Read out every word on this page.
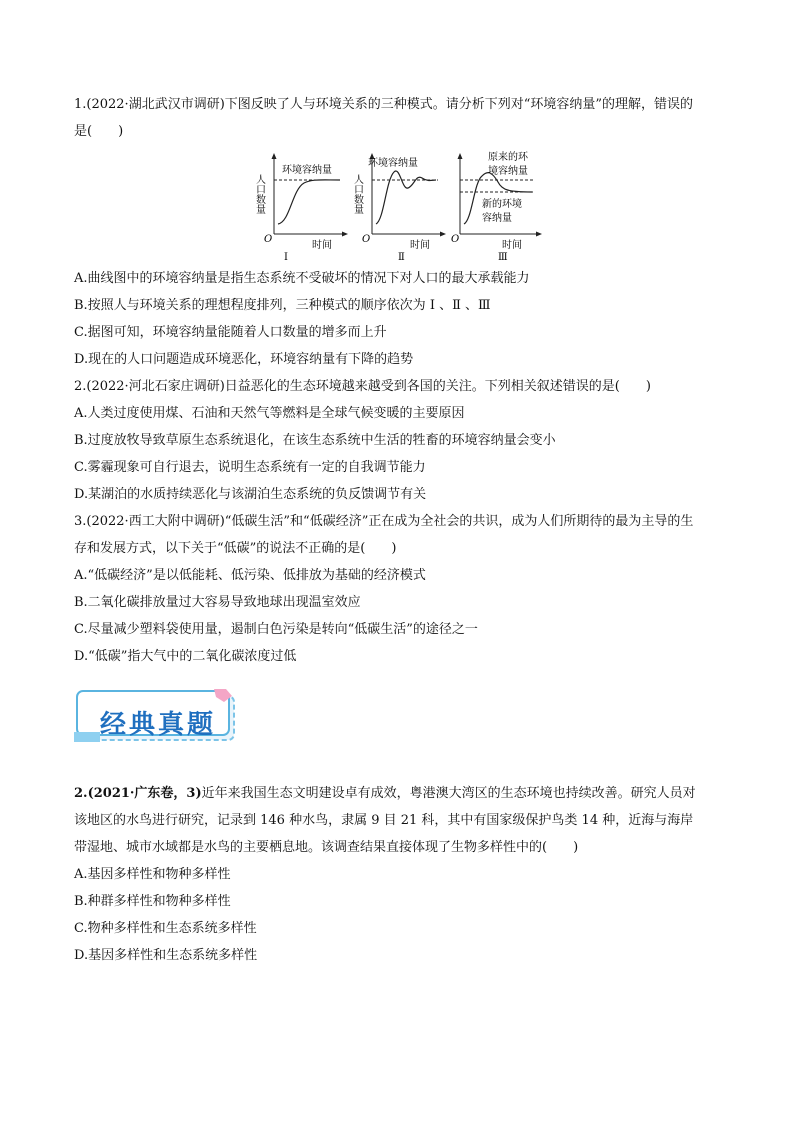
1.(2022·湖北武汉市调研)下图反映了人与环境关系的三种模式。请分析下列对“环境容纳量”的理解，错误的
是(　　)
人口数量
环境容纳量
O
时间
Ⅰ
人口数量
环境容纳量
O
时间
Ⅱ
原来的环
境容纳量
新的环境
容纳量
O
时间
Ⅲ
A.曲线图中的环境容纳量是指生态系统不受破坏的情况下对人口的最大承载能力
B.按照人与环境关系的理想程度排列，三种模式的顺序依次为 Ⅰ 、Ⅱ 、Ⅲ
C.据图可知，环境容纳量能随着人口数量的增多而上升
D.现在的人口问题造成环境恶化，环境容纳量有下降的趋势
2.(2022·河北石家庄调研)日益恶化的生态环境越来越受到各国的关注。下列相关叙述错误的是(　　)
A.人类过度使用煤、石油和天然气等燃料是全球气候变暖的主要原因
B.过度放牧导致草原生态系统退化，在该生态系统中生活的牲畜的环境容纳量会变小
C.雾霾现象可自行退去，说明生态系统有一定的自我调节能力
D.某湖泊的水质持续恶化与该湖泊生态系统的负反馈调节有关
3.(2022·西工大附中调研)“低碳生活”和“低碳经济”正在成为全社会的共识，成为人们所期待的最为主导的生
存和发展方式，以下关于“低碳”的说法不正确的是(　　)
A.“低碳经济”是以低能耗、低污染、低排放为基础的经济模式
B.二氧化碳排放量过大容易导致地球出现温室效应
C.尽量减少塑料袋使用量，遏制白色污染是转向“低碳生活”的途径之一
D.“低碳”指大气中的二氧化碳浓度过低
经典真题
2.(2021·广东卷，3)近年来我国生态文明建设卓有成效，粤港澳大湾区的生态环境也持续改善。研究人员对
该地区的水鸟进行研究，记录到 146 种水鸟，隶属 9 目 21 科，其中有国家级保护鸟类 14 种，近海与海岸
带湿地、城市水域都是水鸟的主要栖息地。该调查结果直接体现了生物多样性中的(　　)
A.基因多样性和物种多样性
B.种群多样性和物种多样性
C.物种多样性和生态系统多样性
D.基因多样性和生态系统多样性
